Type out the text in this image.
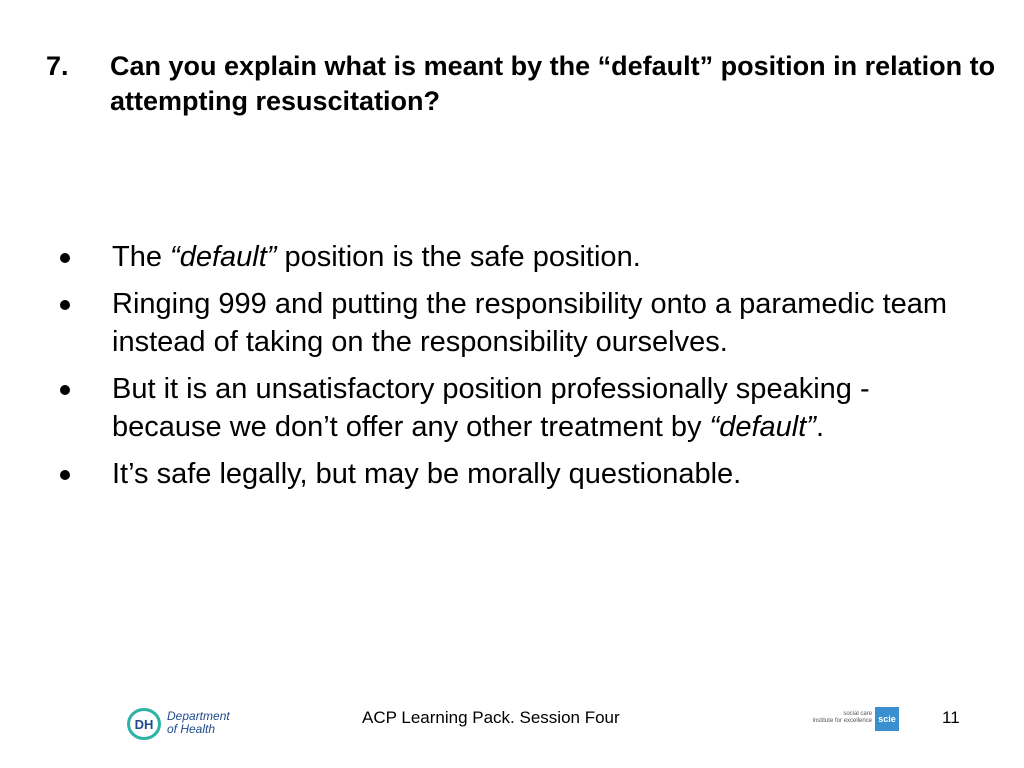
7. Can you explain what is meant by the “default” position in relation to attempting resuscitation?
The “default” position is the safe position.
Ringing 999 and putting the responsibility onto a paramedic team instead of taking on the responsibility ourselves.
But it is an unsatisfactory position professionally speaking - because we don’t offer any other treatment by “default”.
It’s safe legally, but may be morally questionable.
DH
Department
of Health
ACP Learning Pack. Session Four	social care
institute for excellence scie	11
